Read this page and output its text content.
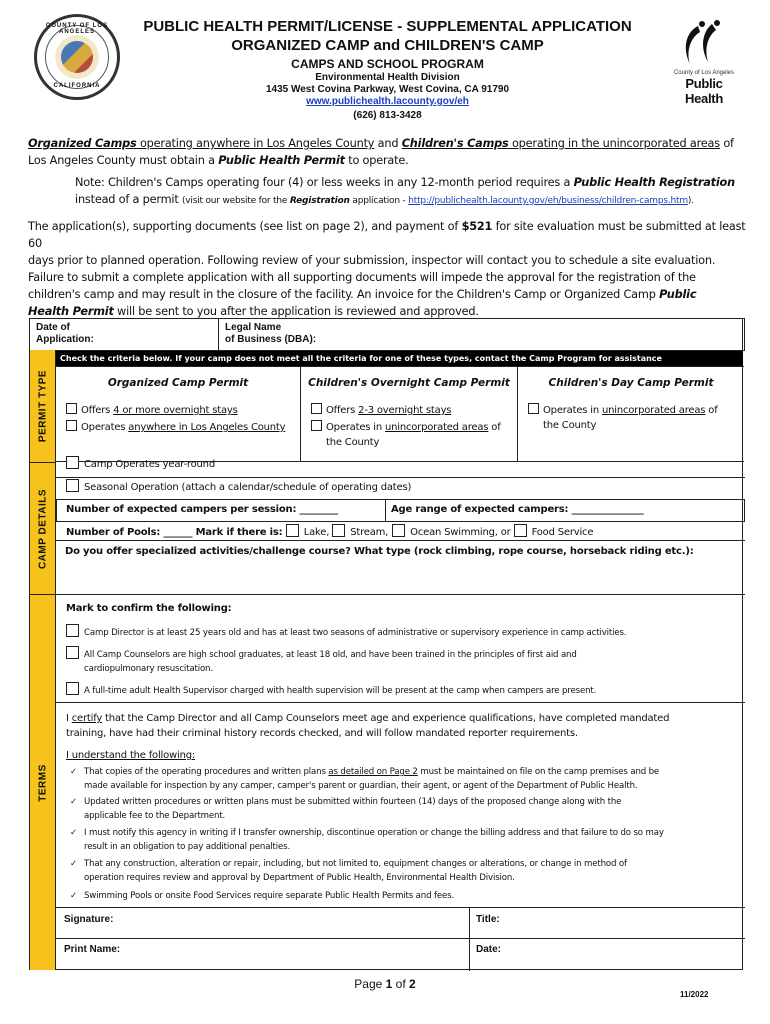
COUNTY OF LOS ANGELES
CALIFORNIA
PUBLIC HEALTH PERMIT/LICENSE - SUPPLEMENTAL APPLICATION
ORGANIZED CAMP and CHILDREN'S CAMP
CAMPS AND SCHOOL PROGRAM
Environmental Health Division
1435 West Covina Parkway, West Covina, CA 91790
www.publichealth.lacounty.gov/eh
(626) 813-3428
County of Los Angeles
Public Health
Organized Camps operating anywhere in Los Angeles County and Children's Camps operating in the unincorporated areas of
Los Angeles County must obtain a Public Health Permit to operate.
Note: Children's Camps operating four (4) or less weeks in any 12-month period requires a Public Health Registration
instead of a permit (visit our website for the Registration application - http://publichealth.lacounty.gov/eh/business/children-camps.htm).
The application(s), supporting documents (see list on page 2), and payment of $521 for site evaluation must be submitted at least 60
days prior to planned operation. Following review of your submission, inspector will contact you to schedule a site evaluation.
Failure to submit a complete application with all supporting documents will impede the approval for the registration of the
children's camp and may result in the closure of the facility. An invoice for the Children's Camp or Organized Camp Public
Health Permit will be sent to you after the application is reviewed and approved.
Date of
Application:
Legal Name
of Business (DBA):
PERMIT TYPE
Check the criteria below. If your camp does not meet all the criteria for one of these types, contact the Camp Program for assistance
Organized Camp Permit
Offers 4 or more overnight stays
Operates anywhere in Los Angeles County
Children's Overnight Camp Permit
Offers 2-3 overnight stays
Operates in unincorporated areas of
the County
Children's Day Camp Permit
Operates in unincorporated areas of
the County
CAMP DETAILS
Camp Operates year-round
Seasonal Operation (attach a calendar/schedule of operating dates)
Number of expected campers per session: ________	Age range of expected campers: _______________
Number of Pools: ______ Mark if there is: Lake, Stream, Ocean Swimming, or Food Service
Do you offer specialized activities/challenge course? What type (rock climbing, rope course, horseback riding etc.):
TERMS
Mark to confirm the following:
Camp Director is at least 25 years old and has at least two seasons of administrative or supervisory experience in camp activities.
All Camp Counselors are high school graduates, at least 18 old, and have been trained in the principles of first aid and
cardiopulmonary resuscitation.
A full-time adult Health Supervisor charged with health supervision will be present at the camp when campers are present.
I certify that the Camp Director and all Camp Counselors meet age and experience qualifications, have completed mandated
training, have had their criminal history records checked, and will follow mandated reporter requirements.
I understand the following:
✓ That copies of the operating procedures and written plans as detailed on Page 2 must be maintained on file on the camp premises and be
made available for inspection by any camper, camper's parent or guardian, their agent, or agent of the Department of Public Health.
✓ Updated written procedures or written plans must be submitted within fourteen (14) days of the proposed change along with the
applicable fee to the Department.
✓ I must notify this agency in writing if I transfer ownership, discontinue operation or change the billing address and that failure to do so may
result in an obligation to pay additional penalties.
✓ That any construction, alteration or repair, including, but not limited to, equipment changes or alterations, or change in method of
operation requires review and approval by Department of Public Health, Environmental Health Division.
✓ Swimming Pools or onsite Food Services require separate Public Health Permits and fees.
Signature:	Title:
Print Name:	Date:
Page 1 of 2
11/2022
